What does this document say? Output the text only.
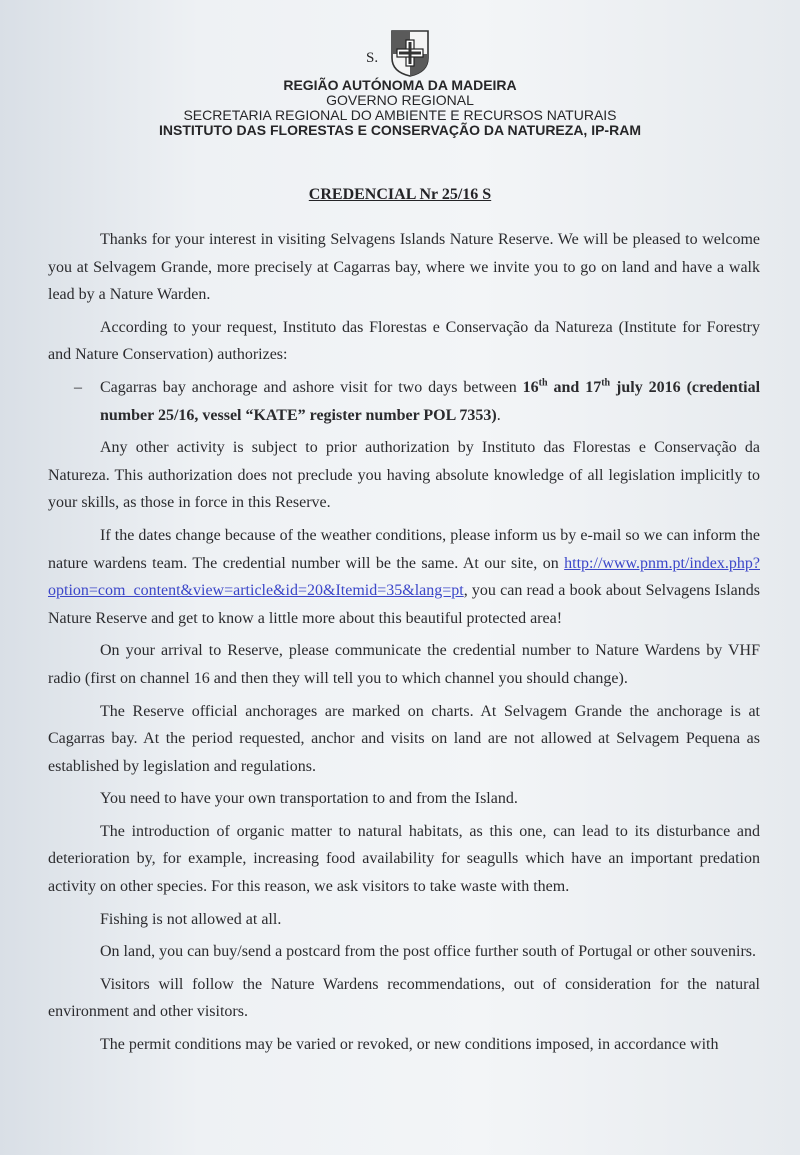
S.

REGIÃO AUTÓNOMA DA MADEIRA

GOVERNO REGIONAL

SECRETARIA REGIONAL DO AMBIENTE E RECURSOS NATURAIS

INSTITUTO DAS FLORESTAS E CONSERVAÇÃO DA NATUREZA, IP-RAM

CREDENCIAL Nr 25/16 S

Thanks for your interest in visiting Selvagens Islands Nature Reserve. We will be pleased to welcome you at Selvagem Grande, more precisely at Cagarras bay, where we invite you to go on land and have a walk lead by a Nature Warden.

According to your request, Instituto das Florestas e Conservação da Natureza (Institute for Forestry and Nature Conservation) authorizes:

–	Cagarras bay anchorage and ashore visit for two days between 16th and 17th july 2016 (credential number 25/16, vessel “KATE” register number POL 7353).

Any other activity is subject to prior authorization by Instituto das Florestas e Conservação da Natureza. This authorization does not preclude you having absolute knowledge of all legislation implicitly to your skills, as those in force in this Reserve.

If the dates change because of the weather conditions, please inform us by e-mail so we can inform the nature wardens team. The credential number will be the same. At our site, on http://www.pnm.pt/index.php?option=com_content&view=article&id=20&Itemid=35&lang=pt, you can read a book about Selvagens Islands Nature Reserve and get to know a little more about this beautiful protected area!

On your arrival to Reserve, please communicate the credential number to Nature Wardens by VHF radio (first on channel 16 and then they will tell you to which channel you should change).

The Reserve official anchorages are marked on charts. At Selvagem Grande the anchorage is at Cagarras bay. At the period requested, anchor and visits on land are not allowed at Selvagem Pequena as established by legislation and regulations.

You need to have your own transportation to and from the Island.

The introduction of organic matter to natural habitats, as this one, can lead to its disturbance and deterioration by, for example, increasing food availability for seagulls which have an important predation activity on other species. For this reason, we ask visitors to take waste with them.

Fishing is not allowed at all.

On land, you can buy/send a postcard from the post office further south of Portugal or other souvenirs.

Visitors will follow the Nature Wardens recommendations, out of consideration for the natural environment and other visitors.

The permit conditions may be varied or revoked, or new conditions imposed, in accordance with
